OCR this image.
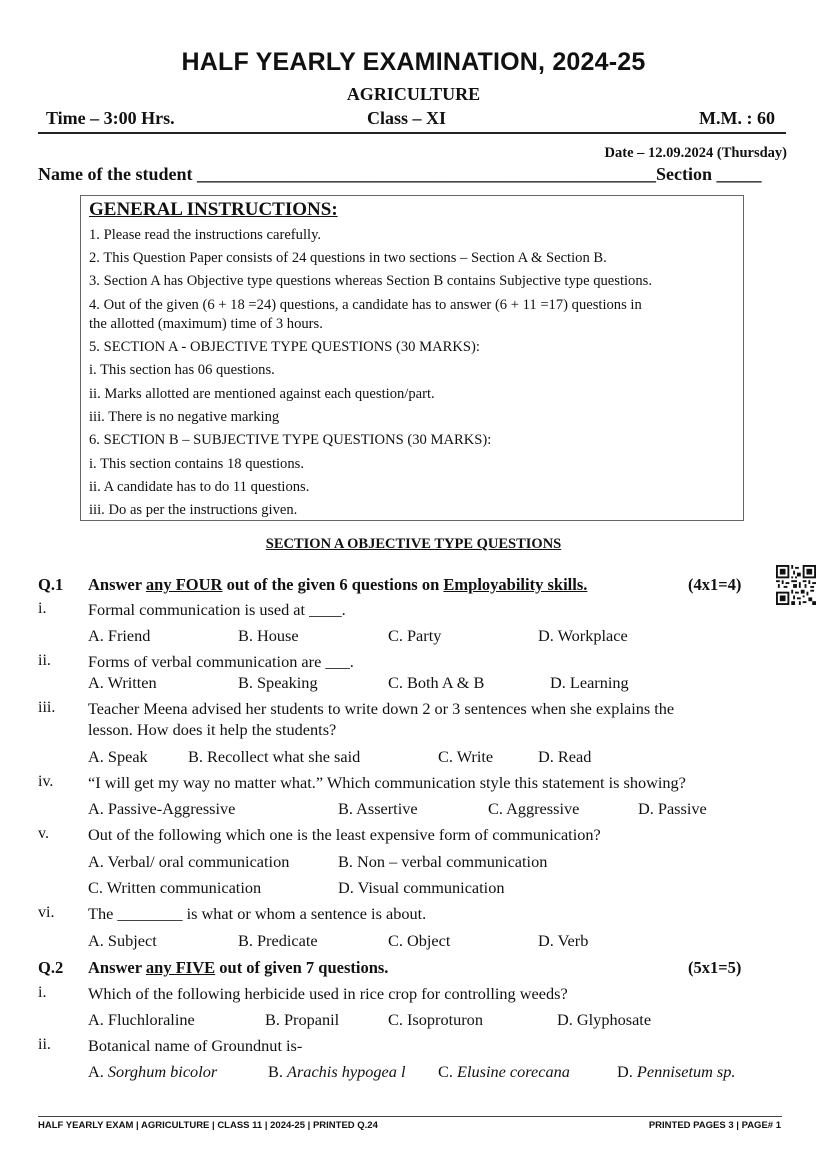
HALF YEARLY EXAMINATION, 2024-25
AGRICULTURE
Time – 3:00 Hrs.	Class – XI	M.M. : 60
Date – 12.09.2024 (Thursday)
Name of the student ___________________________________________________Section _____
GENERAL INSTRUCTIONS:
1. Please read the instructions carefully.
2. This Question Paper consists of 24 questions in two sections – Section A & Section B.
3. Section A has Objective type questions whereas Section B contains Subjective type questions.
4. Out of the given (6 + 18 =24) questions, a candidate has to answer (6 + 11 =17) questions in
the allotted (maximum) time of 3 hours.
5. SECTION A - OBJECTIVE TYPE QUESTIONS (30 MARKS):
i. This section has 06 questions.
ii. Marks allotted are mentioned against each question/part.
iii. There is no negative marking
6. SECTION B – SUBJECTIVE TYPE QUESTIONS (30 MARKS):
i. This section contains 18 questions.
ii. A candidate has to do 11 questions.
iii. Do as per the instructions given.
SECTION A OBJECTIVE TYPE QUESTIONS
Q.1 Answer any FOUR out of the given 6 questions on Employability skills.	(4x1=4)
i.	Formal communication is used at ____.
A. Friend	B. House	C. Party	D. Workplace
ii. Forms of verbal communication are ___.
A. Written	B. Speaking	C. Both A & B	D. Learning
iii. Teacher Meena advised her students to write down 2 or 3 sentences when she explains the
lesson. How does it help the students?
A. Speak B. Recollect what she said	C. Write	D. Read
iv. “I will get my way no matter what.” Which communication style this statement is showing?
A. Passive-Aggressive	B. Assertive	C. Aggressive	D. Passive
v. Out of the following which one is the least expensive form of communication?
A. Verbal/ oral communication	B. Non – verbal communication
C. Written communication	D. Visual communication
vi. The ________ is what or whom a sentence is about.
A. Subject	B. Predicate	C. Object	D. Verb
Q.2 Answer any FIVE out of given 7 questions.	(5x1=5)
i.	Which of the following herbicide used in rice crop for controlling weeds?
A. Fluchloraline	B. Propanil	C. Isoproturon	D. Glyphosate
ii. Botanical name of Groundnut is-
A. Sorghum bicolor	B. Arachis hypogea l C. Elusine corecana	D. Pennisetum sp.
HALF YEARLY EXAM | AGRICULTURE | CLASS 11 | 2024-25 | PRINTED Q.24	PRINTED PAGES 3 | PAGE# 1
